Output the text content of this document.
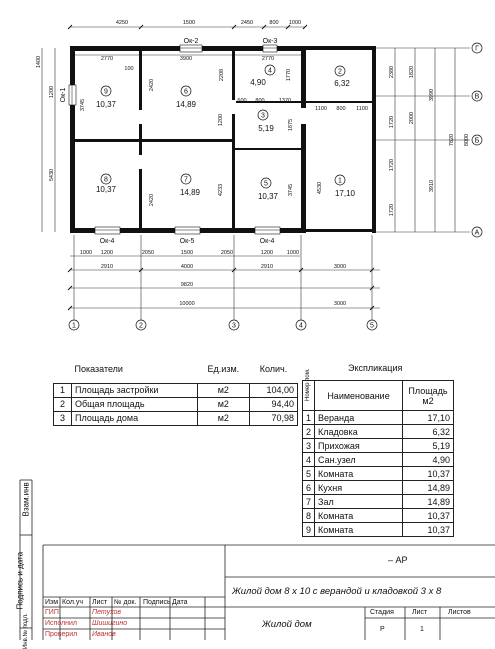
1	2	3	4	5
Г
В
Б
А
9
10,37
6
14,89
4
4,90
2
6,32
3
5,19
8
10,37
7
14,89
5
10,37
1
17,10
Ок-2	Ок-3
Ок-4	Ок-5	Ок-4
Ок-1
4250	1500	2450	800 1000
2770	3900	2770
1000 1200	2050	1500	2050	1200	1000
2910	4000	2910	3000
9820
10000	3000
1400
1200
5430
2380
3990
7820 8000
3910
1720
1720
2000
1720
100
2420
2208	1770
600 800	1370
1200
4233	3745
2420
4530
1100 800 1100
1820
1875
3745
	Показатели	Ед.изм.	Колич.
1	Площадь застройки	м2	104,00
2	Общая площадь	м2	94,40
3	Площадь дома	м2	70,98
Экспликация
Номер пом.	Наименование	Площадь м2
1	Веранда	17,10
2	Кладовка	6,32
3	Прихожая	5,19
4	Сан.узел	4,90
5	Комната	10,37
6	Кухня	14,89
7	Зал	14,89
8	Комната	10,37
9	Комната	10,37
Взам.инв
Подпись и дата
Инв.№ подл.
– АР
Жилой дом 8 х 10 с верандой и кладовкой 3 х 8
Жилой дом
Изм Кол.уч Лист № док. Подпись Дата
ГИП	Петухов
Исполнил Шишигино
Проверил Иванов
Стадия	Лист	Листов
Р	1
